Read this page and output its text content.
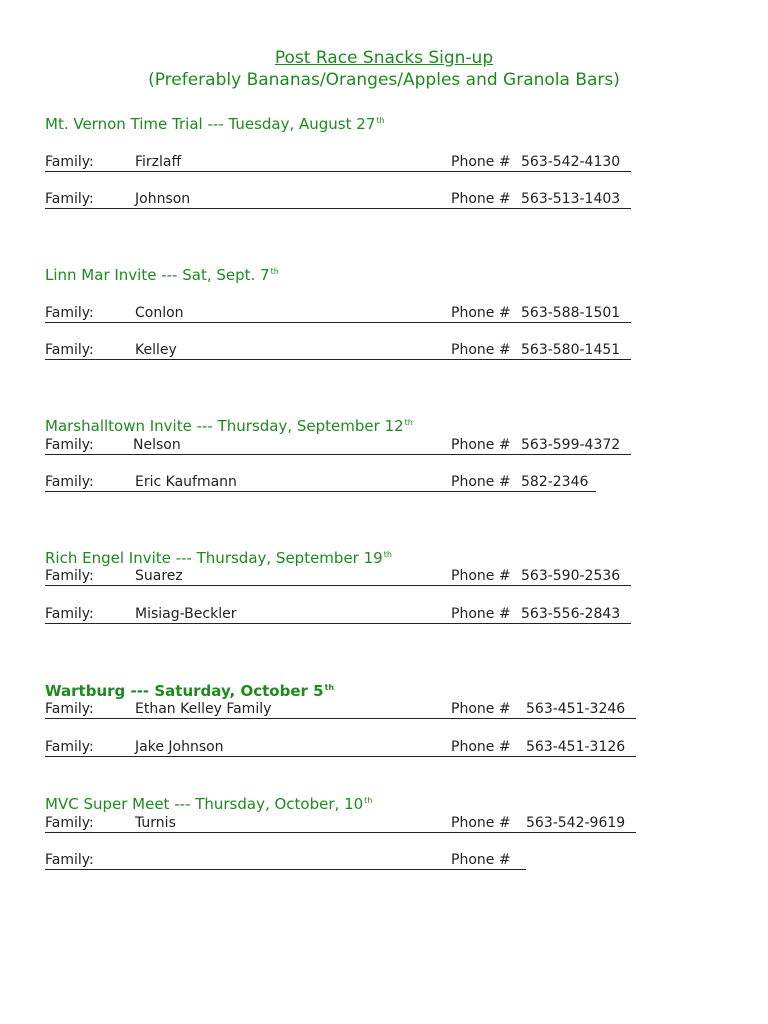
Post Race Snacks Sign-up
(Preferably Bananas/Oranges/Apples and Granola Bars)
Mt. Vernon Time Trial --- Tuesday, August 27th
Family:	Firzlaff	Phone # 563-542-4130
Family:	Johnson	Phone # 563-513-1403
Linn Mar Invite --- Sat, Sept. 7th
Family:	Conlon	Phone # 563-588-1501
Family:	Kelley	Phone # 563-580-1451
Marshalltown Invite --- Thursday, September 12th
Family:	Nelson	Phone # 563-599-4372
Family:	Eric Kaufmann	Phone # 582-2346
Rich Engel Invite --- Thursday, September 19th
Family:	Suarez	Phone # 563-590-2536
Family:	Misiag-Beckler	Phone # 563-556-2843
Wartburg --- Saturday, October 5th
Family:	Ethan Kelley Family	Phone # 563-451-3246
Family:	Jake Johnson	Phone # 563-451-3126
MVC Super Meet --- Thursday, October, 10th
Family:	Turnis	Phone # 563-542-9619
Family:	Phone #
